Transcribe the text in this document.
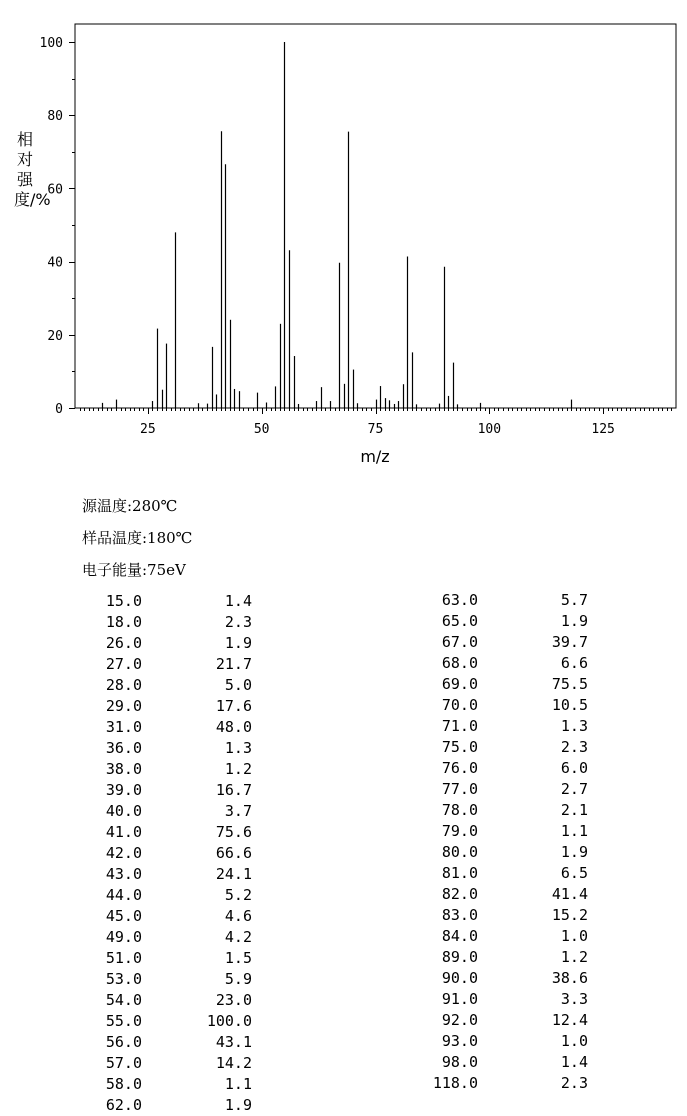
25	50	75	100	125
0
20
40
60
80
100
m/z
相对强度/%
源温度:280℃
样品温度:180℃
电子能量:75eV
15.0	1.4
18.0	2.3
26.0	1.9
27.0	21.7
28.0	5.0
29.0	17.6
31.0	48.0
36.0	1.3
38.0	1.2
39.0	16.7
40.0	3.7
41.0	75.6
42.0	66.6
43.0	24.1
44.0	5.2
45.0	4.6
49.0	4.2
51.0	1.5
53.0	5.9
54.0	23.0
55.0	100.0
56.0	43.1
57.0	14.2
58.0	1.1
62.0	1.9
63.0	5.7
65.0	1.9
67.0	39.7
68.0	6.6
69.0	75.5
70.0	10.5
71.0	1.3
75.0	2.3
76.0	6.0
77.0	2.7
78.0	2.1
79.0	1.1
80.0	1.9
81.0	6.5
82.0	41.4
83.0	15.2
84.0	1.0
89.0	1.2
90.0	38.6
91.0	3.3
92.0	12.4
93.0	1.0
98.0	1.4
118.0	2.3
